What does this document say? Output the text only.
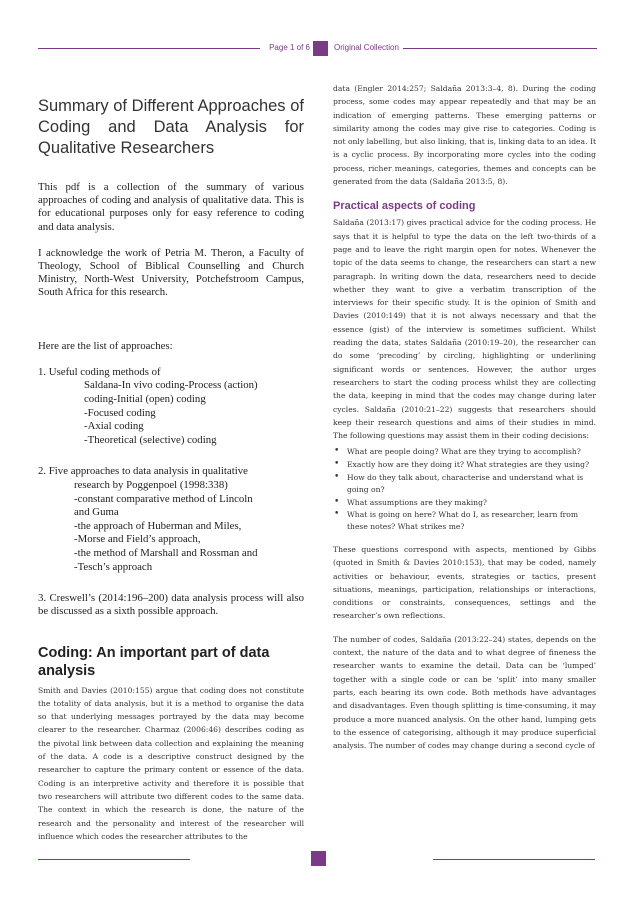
Page 1 of 6	Original Collection
Summary of Different Approaches of Coding and Data Analysis for Qualitative Researchers

This pdf is a collection of the summary of various approaches of coding and analysis of qualitative data. This is for educational purposes only for easy reference to coding and data analysis.

I acknowledge the work of Petria M. Theron, a Faculty of Theology, School of Biblical Counselling and Church Ministry, North-West University, Potchefstroom Campus, South Africa for this research.

Here are the list of approaches:

1. Useful coding methods of

Saldana-In vivo coding-Process (action)

coding-Initial (open) coding

-Focused coding

-Axial coding

-Theoretical (selective) coding

2. Five approaches to data analysis in qualitative

research by Poggenpoel (1998:338)

-constant comparative method of Lincoln

and Guma

-the approach of Huberman and Miles,

-Morse and Field’s approach,

-the method of Marshall and Rossman and

-Tesch’s approach

3. Creswell’s (2014:196–200) data analysis process will also be discussed as a sixth possible approach.

Coding: An important part of data analysis

Smith and Davies (2010:155) argue that coding does not constitute the totality of data analysis, but it is a method to organise the data so that underlying messages portrayed by the data may become clearer to the researcher. Charmaz (2006:46) describes coding as the pivotal link between data collection and explaining the meaning of the data. A code is a descriptive construct designed by the researcher to capture the primary content or essence of the data. Coding is an interpretive activity and therefore it is possible that two researchers will attribute two different codes to the same data. The context in which the research is done, the nature of the research and the personality and interest of the researcher will influence which codes the researcher attributes to the

data (Engler 2014:257; Saldaña 2013:3–4, 8). During the coding process, some codes may appear repeatedly and that may be an indication of emerging patterns. These emerging patterns or similarity among the codes may give rise to categories. Coding is not only labelling, but also linking, that is, linking data to an idea. It is a cyclic process. By incorporating more cycles into the coding process, richer meanings, categories, themes and concepts can be generated from the data (Saldaña 2013:5, 8).

Practical aspects of coding

Saldaña (2013:17) gives practical advice for the coding process. He says that it is helpful to type the data on the left two-thirds of a page and to leave the right margin open for notes. Whenever the topic of the data seems to change, the researchers can start a new paragraph. In writing down the data, researchers need to decide whether they want to give a verbatim transcription of the interviews for their specific study. It is the opinion of Smith and Davies (2010:149) that it is not always necessary and that the essence (gist) of the interview is sometimes sufficient. Whilst reading the data, states Saldaña (2010:19–20), the researcher can do some ‘precoding’ by circling, highlighting or underlining significant words or sentences. However, the author urges researchers to start the coding process whilst they are collecting the data, keeping in mind that the codes may change during later cycles. Saldaña (2010:21–22) suggests that researchers should keep their research questions and aims of their studies in mind. The following questions may assist them in their coding decisions:

• What are people doing? What are they trying to accomplish?
• Exactly how are they doing it? What strategies are they using?
• How do they talk about, characterise and understand what is going on?
• What assumptions are they making?
• What is going on here? What do I, as researcher, learn from these notes? What strikes me?

These questions correspond with aspects, mentioned by Gibbs (quoted in Smith & Davies 2010:153), that may be coded, namely activities or behaviour, events, strategies or tactics, present situations, meanings, participation, relationships or interactions, conditions or constraints, consequences, settings and the researcher’s own reflections.

The number of codes, Saldaña (2013:22–24) states, depends on the context, the nature of the data and to what degree of fineness the researcher wants to examine the detail. Data can be ‘lumped’ together with a single code or can be ‘split’ into many smaller parts, each bearing its own code. Both methods have advantages and disadvantages. Even though splitting is time-consuming, it may produce a more nuanced analysis. On the other hand, lumping gets to the essence of categorising, although it may produce superficial analysis. The number of codes may change during a second cycle of
